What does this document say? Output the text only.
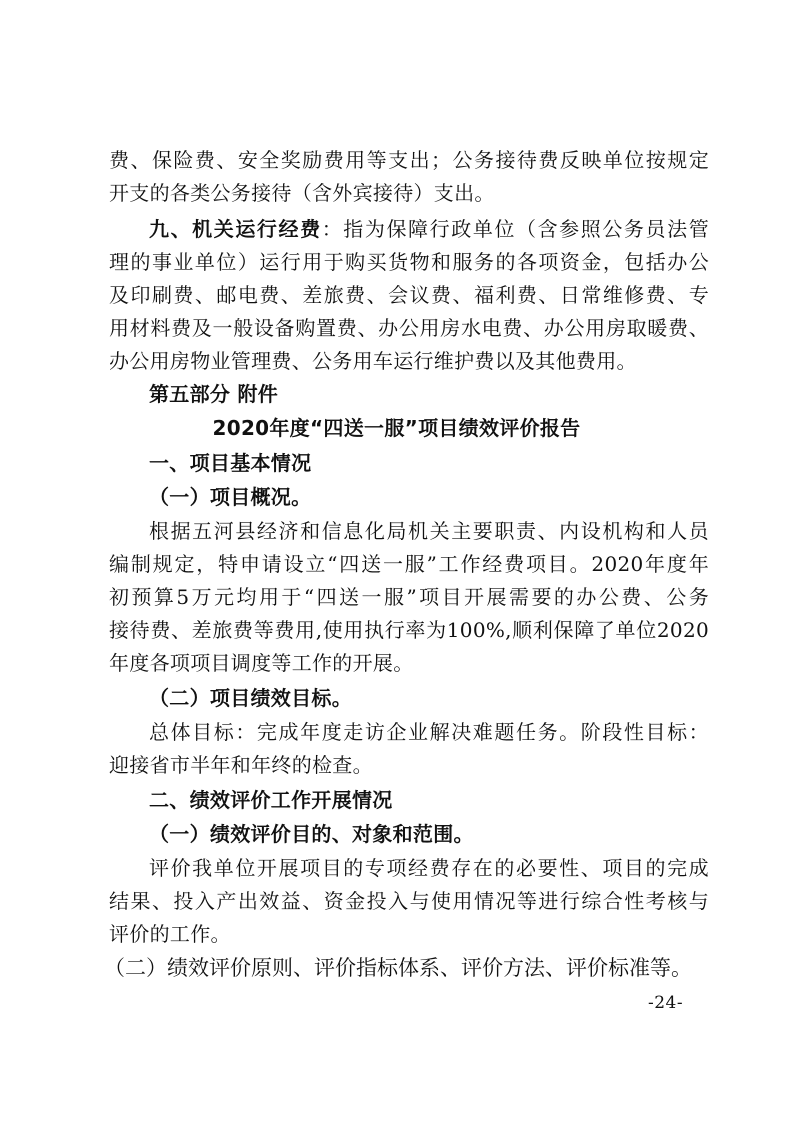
费、保险费、安全奖励费用等支出；公务接待费反映单位按规定

开支的各类公务接待（含外宾接待）支出。

九、机关运行经费：指为保障行政单位（含参照公务员法管

理的事业单位）运行用于购买货物和服务的各项资金，包括办公

及印刷费、邮电费、差旅费、会议费、福利费、日常维修费、专

用材料费及一般设备购置费、办公用房水电费、办公用房取暖费、

办公用房物业管理费、公务用车运行维护费以及其他费用。

第五部分 附件

2020年度“四送一服”项目绩效评价报告

一、项目基本情况

（一）项目概况。

根据五河县经济和信息化局机关主要职责、内设机构和人员

编制规定，特申请设立“四送一服”工作经费项目。2020年度年

初预算5万元均用于“四送一服”项目开展需要的办公费、公务

接待费、差旅费等费用,使用执行率为100%,顺利保障了单位2020

年度各项项目调度等工作的开展。

（二）项目绩效目标。

总体目标：完成年度走访企业解决难题任务。阶段性目标：

迎接省市半年和年终的检查。

二、绩效评价工作开展情况

（一）绩效评价目的、对象和范围。

评价我单位开展项目的专项经费存在的必要性、项目的完成

结果、投入产出效益、资金投入与使用情况等进行综合性考核与

评价的工作。

（二）绩效评价原则、评价指标体系、评价方法、评价标准等。

-24-
